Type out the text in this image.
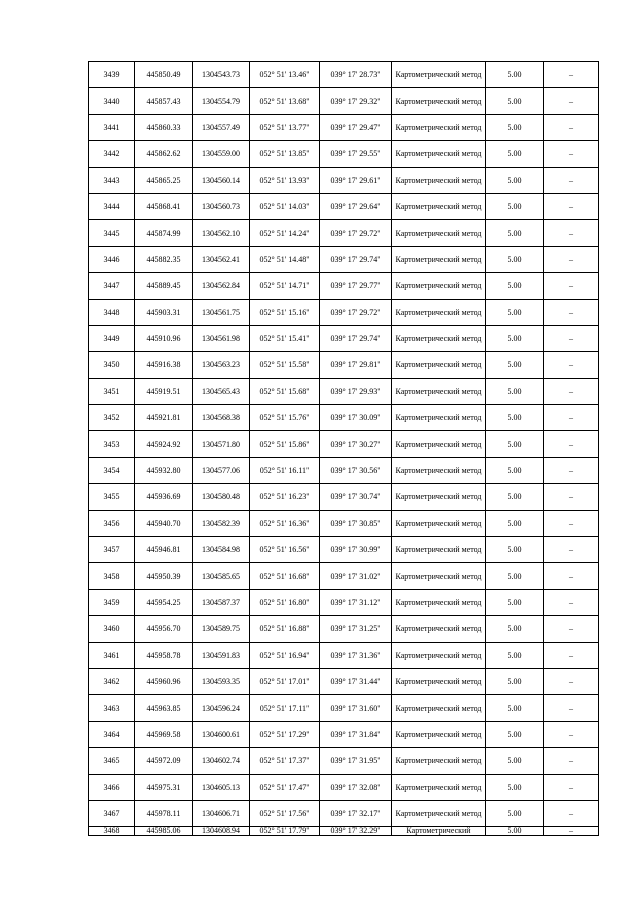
3439	445850.49	1304543.73	052° 51' 13.46"	039° 17' 28.73"	Картометрический метод	5.00	–
3440	445857.43	1304554.79	052° 51' 13.68"	039° 17' 29.32"	Картометрический метод	5.00	–
3441	445860.33	1304557.49	052° 51' 13.77"	039° 17' 29.47"	Картометрический метод	5.00	–
3442	445862.62	1304559.00	052° 51' 13.85"	039° 17' 29.55"	Картометрический метод	5.00	–
3443	445865.25	1304560.14	052° 51' 13.93"	039° 17' 29.61"	Картометрический метод	5.00	–
3444	445868.41	1304560.73	052° 51' 14.03"	039° 17' 29.64"	Картометрический метод	5.00	–
3445	445874.99	1304562.10	052° 51' 14.24"	039° 17' 29.72"	Картометрический метод	5.00	–
3446	445882.35	1304562.41	052° 51' 14.48"	039° 17' 29.74"	Картометрический метод	5.00	–
3447	445889.45	1304562.84	052° 51' 14.71"	039° 17' 29.77"	Картометрический метод	5.00	–
3448	445903.31	1304561.75	052° 51' 15.16"	039° 17' 29.72"	Картометрический метод	5.00	–
3449	445910.96	1304561.98	052° 51' 15.41"	039° 17' 29.74"	Картометрический метод	5.00	–
3450	445916.38	1304563.23	052° 51' 15.58"	039° 17' 29.81"	Картометрический метод	5.00	–
3451	445919.51	1304565.43	052° 51' 15.68"	039° 17' 29.93"	Картометрический метод	5.00	–
3452	445921.81	1304568.38	052° 51' 15.76"	039° 17' 30.09"	Картометрический метод	5.00	–
3453	445924.92	1304571.80	052° 51' 15.86"	039° 17' 30.27"	Картометрический метод	5.00	–
3454	445932.80	1304577.06	052° 51' 16.11"	039° 17' 30.56"	Картометрический метод	5.00	–
3455	445936.69	1304580.48	052° 51' 16.23"	039° 17' 30.74"	Картометрический метод	5.00	–
3456	445940.70	1304582.39	052° 51' 16.36"	039° 17' 30.85"	Картометрический метод	5.00	–
3457	445946.81	1304584.98	052° 51' 16.56"	039° 17' 30.99"	Картометрический метод	5.00	–
3458	445950.39	1304585.65	052° 51' 16.68"	039° 17' 31.02"	Картометрический метод	5.00	–
3459	445954.25	1304587.37	052° 51' 16.80"	039° 17' 31.12"	Картометрический метод	5.00	–
3460	445956.70	1304589.75	052° 51' 16.88"	039° 17' 31.25"	Картометрический метод	5.00	–
3461	445958.78	1304591.83	052° 51' 16.94"	039° 17' 31.36"	Картометрический метод	5.00	–
3462	445960.96	1304593.35	052° 51' 17.01"	039° 17' 31.44"	Картометрический метод	5.00	–
3463	445963.85	1304596.24	052° 51' 17.11"	039° 17' 31.60"	Картометрический метод	5.00	–
3464	445969.58	1304600.61	052° 51' 17.29"	039° 17' 31.84"	Картометрический метод	5.00	–
3465	445972.09	1304602.74	052° 51' 17.37"	039° 17' 31.95"	Картометрический метод	5.00	–
3466	445975.31	1304605.13	052° 51' 17.47"	039° 17' 32.08"	Картометрический метод	5.00	–
3467	445978.11	1304606.71	052° 51' 17.56"	039° 17' 32.17"	Картометрический метод	5.00	–
3468	445985.06	1304608.94	052° 51' 17.79"	039° 17' 32.29"	Картометрический	5.00	–
